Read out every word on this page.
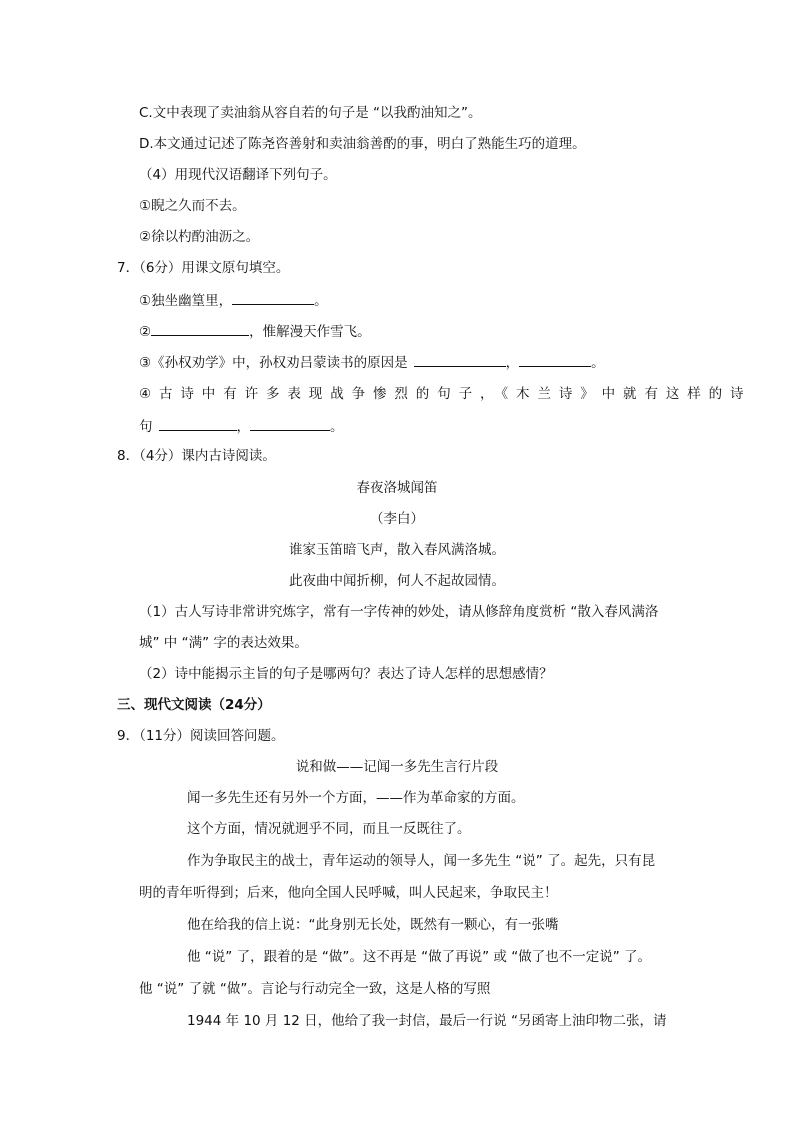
C.文中表现了卖油翁从容自若的句子是 “以我酌油知之”。
D.本文通过记述了陈尧咨善射和卖油翁善酌的事，明白了熟能生巧的道理。
（4）用现代汉语翻译下列句子。
①睨之久而不去。
②徐以杓酌油沥之。
7．（6分）用课文原句填空。
①独坐幽篁里，	。
②	，惟解漫天作雪飞。
③《孙权劝学》中，孙权劝吕蒙读书的原因是	，	。
④古诗中有许多表现战争惨烈的句子，《木兰诗》中就有这样的诗
句	，	。
8．（4分）课内古诗阅读。
春夜洛城闻笛
（李白）
谁家玉笛暗飞声，散入春风满洛城。
此夜曲中闻折柳，何人不起故园情。
（1）古人写诗非常讲究炼字，常有一字传神的妙处，请从修辞角度赏析 “散入春风满洛
城” 中 “满” 字的表达效果。
（2）诗中能揭示主旨的句子是哪两句？表达了诗人怎样的思想感情？
三、现代文阅读（24分）
9．（11分）阅读回答问题。
说和做——记闻一多先生言行片段
闻一多先生还有另外一个方面，——作为革命家的方面。
这个方面，情况就迥乎不同，而且一反既往了。
作为争取民主的战士，青年运动的领导人，闻一多先生 “说” 了。起先，只有昆
明的青年听得到；后来，他向全国人民呼喊，叫人民起来，争取民主！
他在给我的信上说：“此身别无长处，既然有一颗心，有一张嘴
他 “说” 了，跟着的是 “做”。这不再是 “做了再说” 或 “做了也不一定说” 了。
他 “说” 了就 “做”。言论与行动完全一致，这是人格的写照
1944 年 10 月 12 日，他给了我一封信，最后一行说 “另函寄上油印物二张，请
